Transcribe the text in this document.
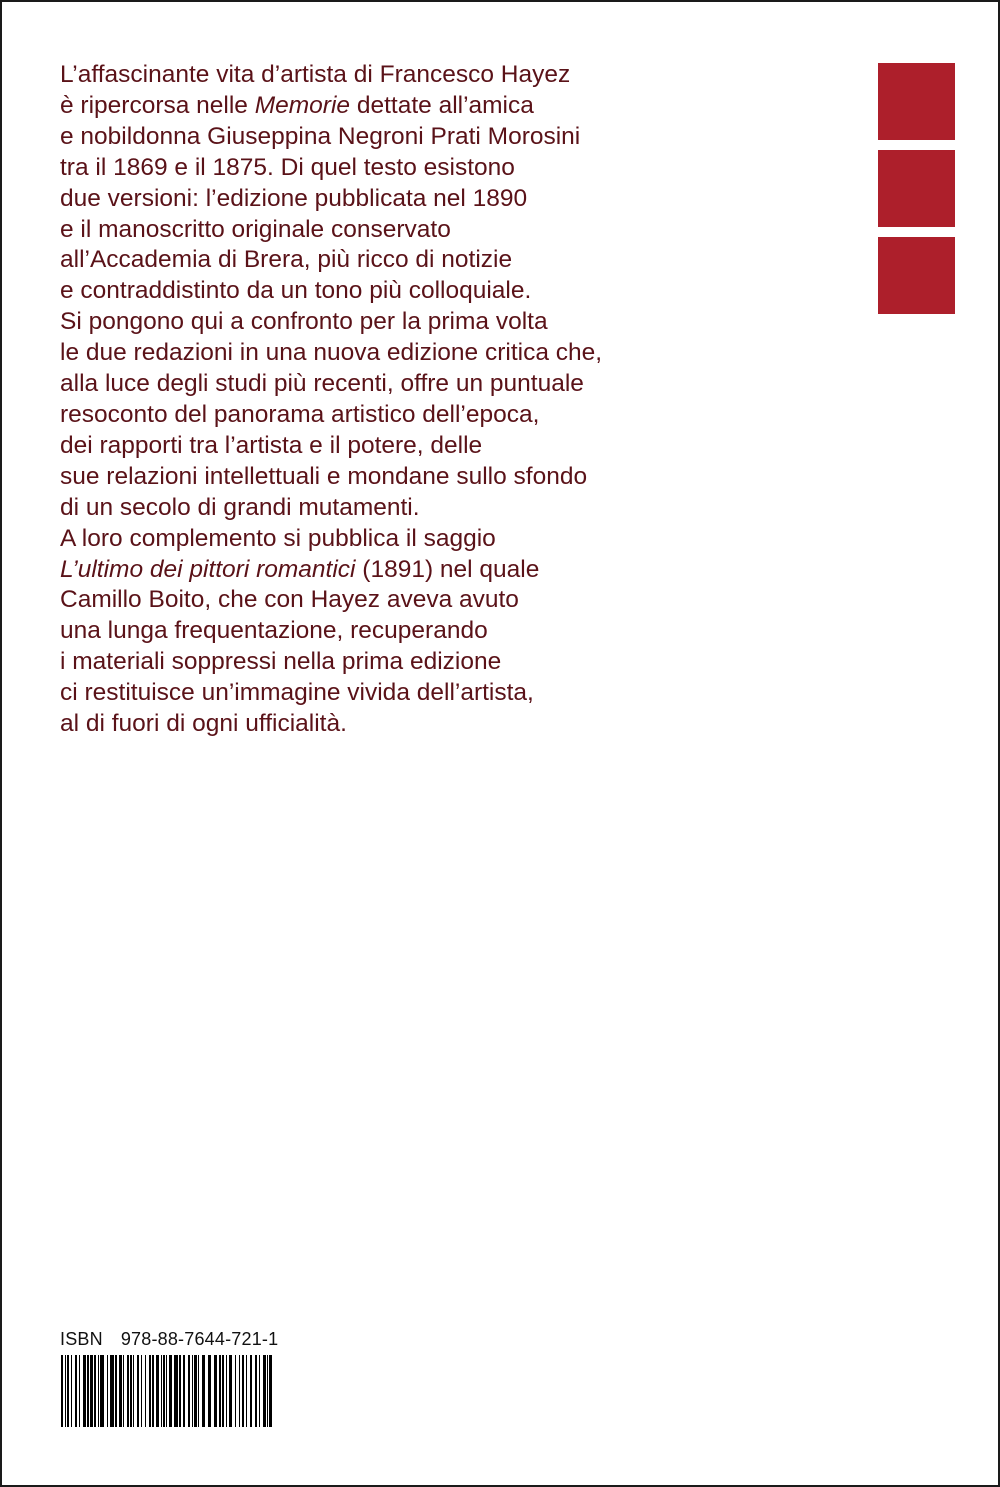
L’affascinante vita d’artista di Francesco Hayez
è ripercorsa nelle Memorie dettate all’amica
e nobildonna Giuseppina Negroni Prati Morosini
tra il 1869 e il 1875. Di quel testo esistono
due versioni: l’edizione pubblicata nel 1890
e il manoscritto originale conservato
all’Accademia di Brera, più ricco di notizie
e contraddistinto da un tono più colloquiale.
Si pongono qui a confronto per la prima volta
le due redazioni in una nuova edizione critica che,
alla luce degli studi più recenti, offre un puntuale
resoconto del panorama artistico dell’epoca,
dei rapporti tra l’artista e il potere, delle
sue relazioni intellettuali e mondane sullo sfondo
di un secolo di grandi mutamenti.
A loro complemento si pubblica il saggio
L’ultimo dei pittori romantici (1891) nel quale
Camillo Boito, che con Hayez aveva avuto
una lunga frequentazione, recuperando
i materiali soppressi nella prima edizione
ci restituisce un’immagine vivida dell’artista,
al di fuori di ogni ufficialità.

ISBN 978-88-7644-721-1
